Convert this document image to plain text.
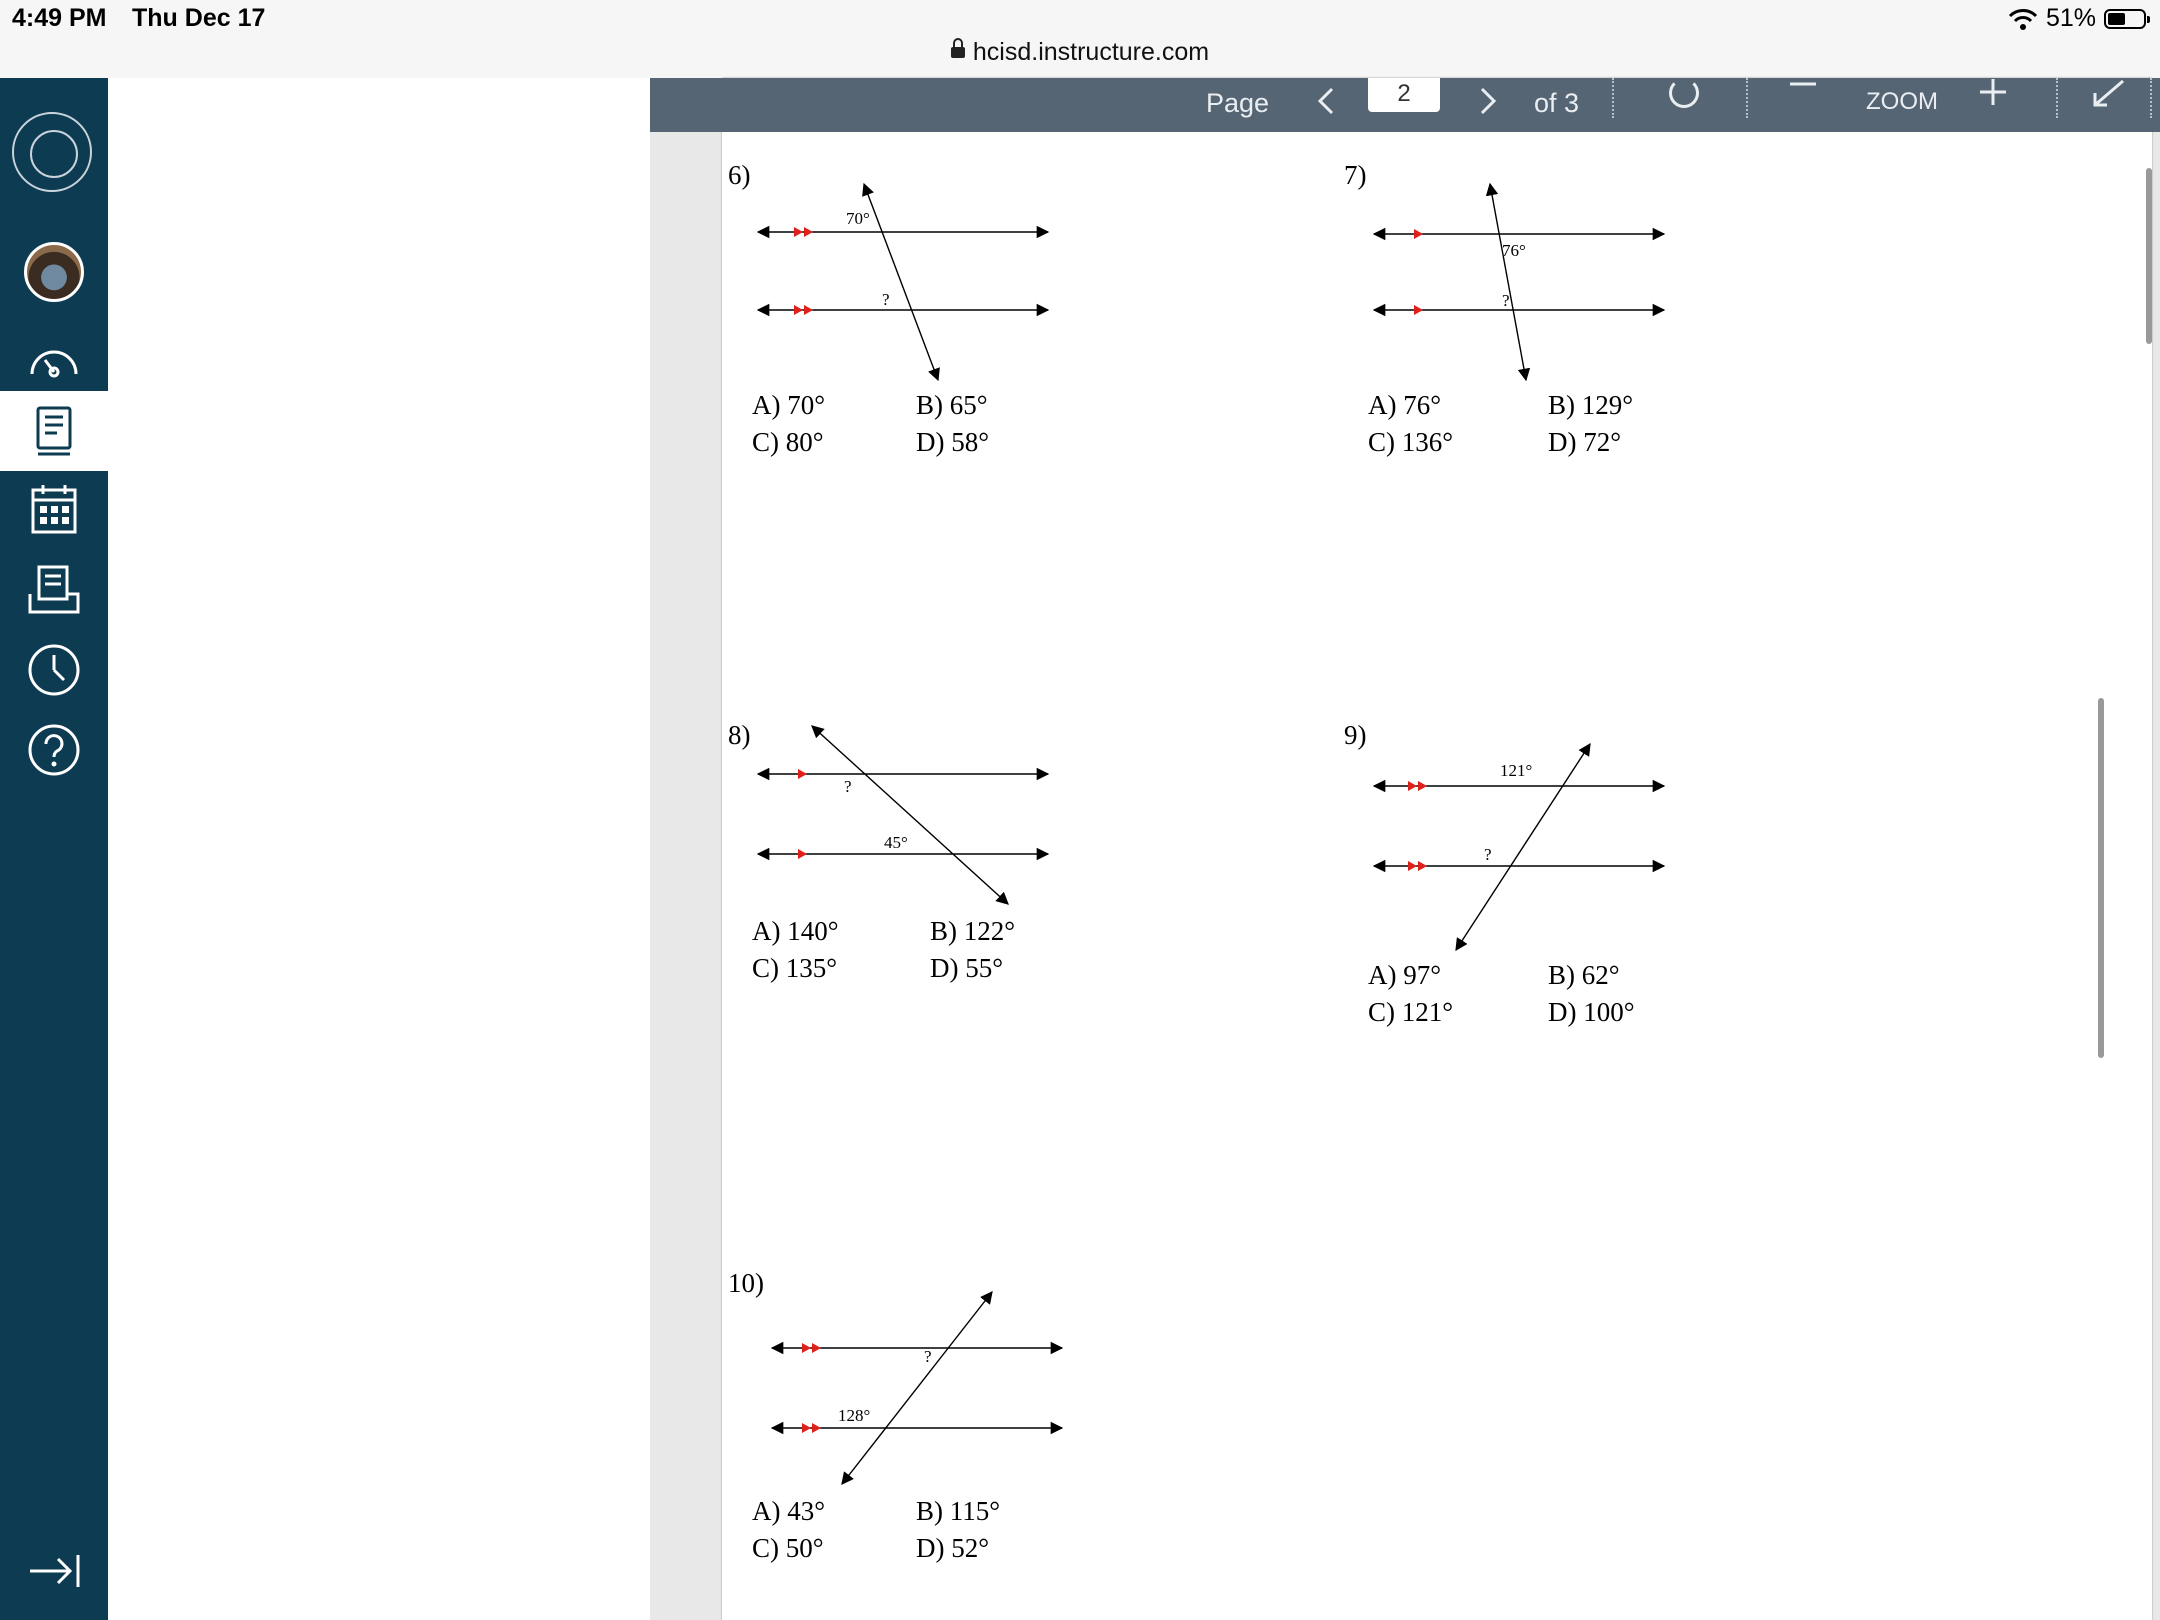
4:49 PM Thu Dec 17
hcisd.instructure.com
51%
Page	2	of 3	ZOOM
6)
70°
?
A) 70°	B) 65°
C) 80°	D) 58°
7)
76°
?
A) 76°	B) 129°
C) 136°	D) 72°
8)
?
45°
A) 140°	B) 122°
C) 135°	D) 55°
9)
121°
?
A) 97°	B) 62°
C) 121°	D) 100°
10)
?
128°
A) 43°	B) 115°
C) 50°	D) 52°
